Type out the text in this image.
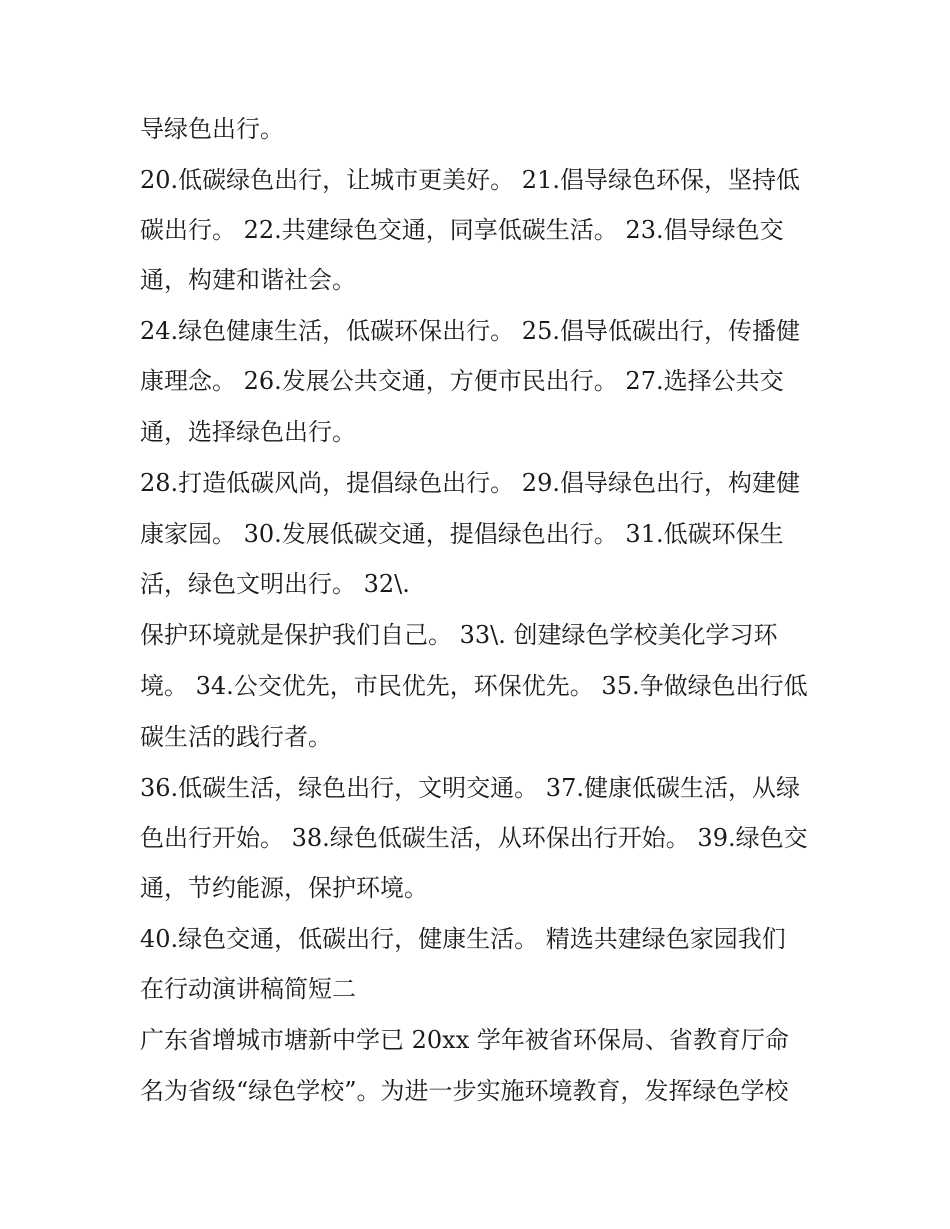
导绿色出行。
20.低碳绿色出行，让城市更美好。 21.倡导绿色环保，坚持低
碳出行。 22.共建绿色交通，同享低碳生活。 23.倡导绿色交
通，构建和谐社会。
24.绿色健康生活，低碳环保出行。 25.倡导低碳出行，传播健
康理念。 26.发展公共交通，方便市民出行。 27.选择公共交
通，选择绿色出行。
28.打造低碳风尚，提倡绿色出行。 29.倡导绿色出行，构建健
康家园。 30.发展低碳交通，提倡绿色出行。 31.低碳环保生
活，绿色文明出行。 32\.
保护环境就是保护我们自己。 33\. 创建绿色学校美化学习环
境。 34.公交优先，市民优先，环保优先。 35.争做绿色出行低
碳生活的践行者。
36.低碳生活，绿色出行，文明交通。 37.健康低碳生活，从绿
色出行开始。 38.绿色低碳生活，从环保出行开始。 39.绿色交
通，节约能源，保护环境。
40.绿色交通，低碳出行，健康生活。 精选共建绿色家园我们
在行动演讲稿简短二
广东省增城市塘新中学已 20xx 学年被省环保局、省教育厅命
名为省级“绿色学校”。为进一步实施环境教育，发挥绿色学校
